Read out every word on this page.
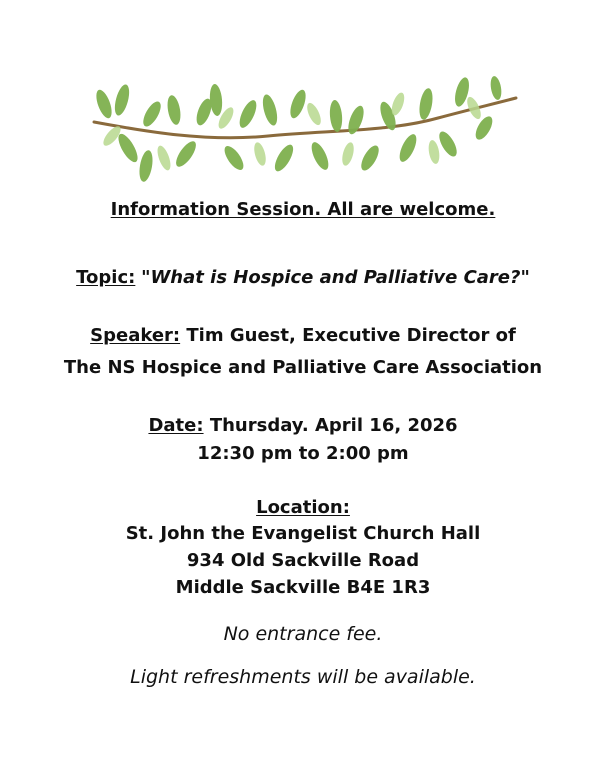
Information Session. All are welcome.
Topic: "What is Hospice and Palliative Care?"
Speaker: Tim Guest, Executive Director of
The NS Hospice and Palliative Care Association
Date: Thursday. April 16, 2026
12:30 pm to 2:00 pm
Location:
St. John the Evangelist Church Hall
934 Old Sackville Road
Middle Sackville B4E 1R3
No entrance fee.
Light refreshments will be available.
